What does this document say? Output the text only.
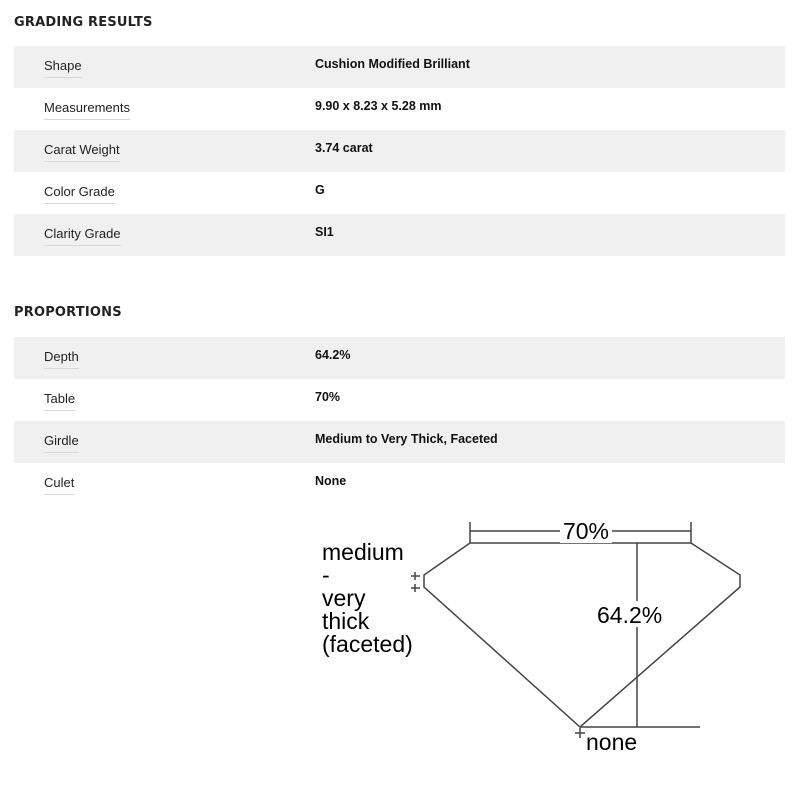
GRADING RESULTS
Shape	Cushion Modified Brilliant
Measurements	9.90 x 8.23 x 5.28 mm
Carat Weight	3.74 carat
Color Grade	G
Clarity Grade	SI1
PROPORTIONS
Depth	64.2%
Table	70%
Girdle	Medium to Very Thick, Faceted
Culet	None
70%
64.2%
medium
-
very
thick
(faceted)
none
